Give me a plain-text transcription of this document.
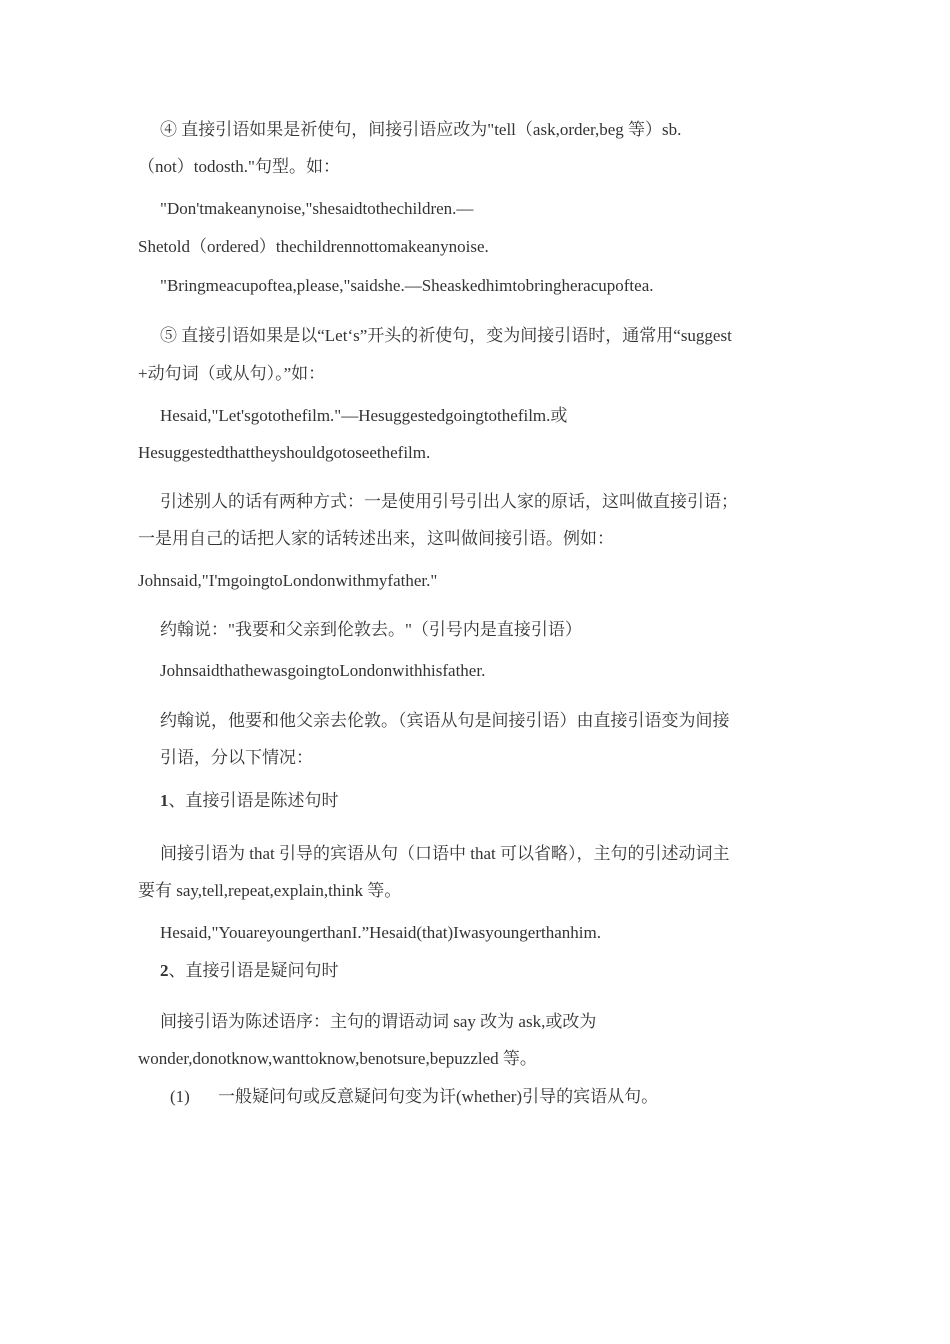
④ 直接引语如果是祈使句，间接引语应改为"tell（ask,order,beg 等）sb.
（not）todosth."句型。如：
"Don'tmakeanynoise,"shesaidtothechildren.—
Shetold（ordered）thechildrennottomakeanynoise.
"Bringmeacupoftea,please,"saidshe.—Sheaskedhimtobringheracupoftea.
⑤ 直接引语如果是以“Let‘s”开头的祈使句，变为间接引语时，通常用“suggest
+动句词（或从句）。”如：
Hesaid,"Let'sgotothefilm."—Hesuggestedgoingtothefilm.或
Hesuggestedthattheyshouldgotoseethefilm.
引述别人的话有两种方式：一是使用引号引出人家的原话，这叫做直接引语；
一是用自己的话把人家的话转述出来，这叫做间接引语。例如：
Johnsaid,"I'mgoingtoLondonwithmyfather."
约翰说："我要和父亲到伦敦去。"（引号内是直接引语）
JohnsaidthathewasgoingtoLondonwithhisfather.
约翰说，他要和他父亲去伦敦。（宾语从句是间接引语）由直接引语变为间接
引语，分以下情况：
1、直接引语是陈述句时
间接引语为 that 引导的宾语从句（口语中 that 可以省略），主句的引述动词主
要有 say,tell,repeat,explain,think 等。
Hesaid,"YouareyoungerthanI.”Hesaid(that)Iwasyoungerthanhim.
2、直接引语是疑问句时
间接引语为陈述语序：主句的谓语动词 say 改为 ask,或改为
wonder,donotknow,wanttoknow,benotsure,bepuzzled 等。
(1) 一般疑问句或反意疑问句变为讦(whether)引导的宾语从句。
